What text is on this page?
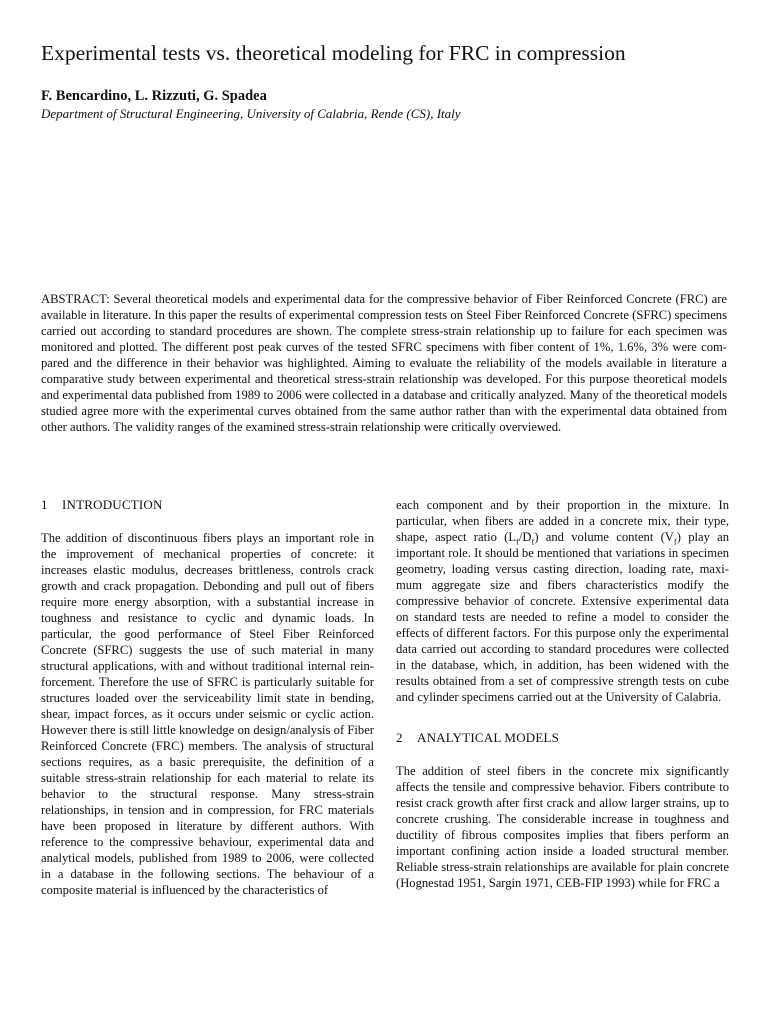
Experimental tests vs. theoretical modeling for FRC in compression
F. Bencardino, L. Rizzuti, G. Spadea
Department of Structural Engineering, University of Calabria, Rende (CS), Italy

ABSTRACT: Several theoretical models and experimental data for the compressive behavior of Fiber Reinforced Concrete (FRC) are available in literature. In this paper the results of experimental compression tests on Steel Fiber Reinforced Concrete (SFRC) specimens carried out according to standard procedures are shown. The complete stress-strain relationship up to failure for each specimen was monitored and plotted. The different post peak curves of the tested SFRC specimens with fiber content of 1%, 1.6%, 3% were compared and the difference in their behavior was highlighted. Aiming to evaluate the reliability of the models available in literature a comparative study between experimental and theoretical stress-strain relationship was developed. For this purpose theoretical models and experimental data published from 1989 to 2006 were collected in a database and critically analyzed. Many of the theoretical models studied agree more with the experimental curves obtained from the same author rather than with the experimental data obtained from other authors. The validity ranges of the examined stress-strain relationship were critically overviewed.

1 INTRODUCTION

The addition of discontinuous fibers plays an important role in the improvement of mechanical properties of concrete: it increases elastic modulus, decreases brittleness, controls crack growth and crack propagation. Debonding and pull out of fibers require more energy absorption, with a substantial increase in toughness and resistance to cyclic and dynamic loads. In particular, the good performance of Steel Fiber Reinforced Concrete (SFRC) suggests the use of such material in many structural applications, with and without traditional internal reinforcement. Therefore the use of SFRC is particularly suitable for structures loaded over the serviceability limit state in bending, shear, impact forces, as it occurs under seismic or cyclic action. However there is still little knowledge on design/analysis of Fiber Reinforced Concrete (FRC) members. The analysis of structural sections requires, as a basic prerequisite, the definition of a suitable stress-strain relationship for each material to relate its behavior to the structural response. Many stress-strain relationships, in tension and in compression, for FRC materials have been proposed in literature by different authors. With reference to the compressive behaviour, experimental data and analytical models, published from 1989 to 2006, were collected in a database in the following sections. The behaviour of a composite material is influenced by the characteristics of

each component and by their proportion in the mixture. In particular, when fibers are added in a concrete mix, their type, shape, aspect ratio $(L_f/D_f)$ and volume content $(V_f)$ play an important role. It should be mentioned that variations in specimen geometry, loading versus casting direction, loading rate, maximum aggregate size and fibers characteristics modify the compressive behavior of concrete. Extensive experimental data on standard tests are needed to refine a model to consider the effects of different factors. For this purpose only the experimental data carried out according to standard procedures were collected in the database, which, in addition, has been widened with the results obtained from a set of compressive strength tests on cube and cylinder specimens carried out at the University of Calabria.

2 ANALYTICAL MODELS

The addition of steel fibers in the concrete mix significantly affects the tensile and compressive behavior. Fibers contribute to resist crack growth after first crack and allow larger strains, up to concrete crushing. The considerable increase in toughness and ductility of fibrous composites implies that fibers perform an important confining action inside a loaded structural member. Reliable stress-strain relationships are available for plain concrete (Hognestad 1951, Sargin 1971, CEB-FIP 1993) while for FRC a
